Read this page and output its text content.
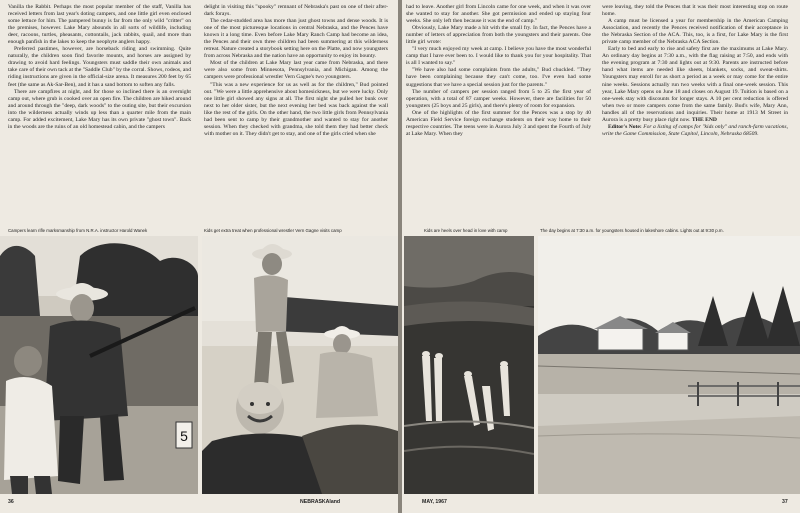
Vanilla the Rabbit. Perhaps the most popular member of the staff, Vanilla has received letters from last year's doting campers, and one little girl even enclosed some lettuce for him. The pampered bunny is far from the only wild "critter" on the premises, however. Lake Mary abounds in all sorts of wildlife, including deer, racoons, turtles, pheasants, cottontails, jack rabbits, quail, and more than enough panfish in the lakes to keep the neophyte anglers happy.

Preferred pastimes, however, are horseback riding and swimming. Quite naturally, the children soon find favorite mounts, and horses are assigned by drawing to avoid hard feelings. Youngsters must saddle their own animals and take care of their own tack at the "Saddle Club" by the corral. Shows, rodeos, and riding instructions are given in the official-size arena. It measures 200 feet by 65 feet (the same as Ak-Sar-Ben), and it has a sand bottom to soften any falls.

There are campfires at night, and for those so inclined there is an overnight camp out, where grub is cooked over an open fire. The children are hiked around and around through the "deep, dark woods" to the outing site, but their excursion into the wilderness actually winds up less than a quarter mile from the main camp. For added excitement, Lake Mary has its own private "ghost town". Back in the woods are the ruins of an old homestead cabin, and the campers

delight in visiting this "spooky" remnant of Nebraska's past on one of their after-dark forays.

The cedar-studded area has more than just ghost towns and dense woods. It is one of the most picturesque locations in central Nebraska, and the Pences have known it a long time. Even before Lake Mary Ranch Camp had become an idea, the Pences and their own three children had been summering at this wilderness retreat. Nature created a storybook setting here on the Platte, and now youngsters from across Nebraska and the nation have an opportunity to enjoy its bounty.

Most of the children at Lake Mary last year came from Nebraska, and there were also some from Minnesota, Pennsylvania, and Michigan. Among the campers were professional wrestler Vern Gagne's two youngsters.

"This was a new experience for us as well as for the children," Bud pointed out. "We were a little apprehensive about homesickness, but we were lucky. Only one little girl showed any signs at all. The first night she pulled her bunk over next to her older sister, but the next evening her bed was back against the wall like the rest of the girls. On the other hand, the two little girls from Pennsylvania had been sent to camp by their grandmother and wanted to stay for another session. When they checked with grandma, she told them they had better check with mother on it. They didn't get to stay, and one of the girls cried when she

Campers learn rifle marksmanship from N.R.A. instructor Harold Wanek	Kids get extra treat when professional wrestler Vern Gagne visits camp
5
36	NEBRASKAland

had to leave. Another girl from Lincoln came for one week, and when it was over she wanted to stay for another. She got permission and ended up staying four weeks. She only left then because it was the end of camp."

Obviously, Lake Mary made a hit with the small fry. In fact, the Pences have a number of letters of appreciation from both the youngsters and their parents. One little girl wrote:

"I very much enjoyed my week at camp. I believe you have the most wonderful camp that I have ever been to. I would like to thank you for your hospitality. That is all I wanted to say."

"We have also had some complaints from the adults," Bud chuckled. "They have been complaining because they can't come, too. I've even had some suggestions that we have a special session just for the parents."

The number of campers per session ranged from 5 to 25 the first year of operation, with a total of 87 camper weeks. However, there are facilities for 50 youngsters (25 boys and 25 girls), and there's plenty of room for expansion.

One of the highlights of the first summer for the Pences was a stop by 40 American Field Service foreign exchange students on their way home to their respective countries. The teens were in Aurora July 3 and spent the Fourth of July at Lake Mary. When they

were leaving, they told the Pences that it was their most interesting stop on route home.

A camp must be licensed a year for membership in the American Camping Association, and recently the Pences received notification of their acceptance in the Nebraska Section of the ACA. This, too, is a first, for Lake Mary is the first private camp member of the Nebraska ACA Section.

Early to bed and early to rise and safety first are the maximums at Lake Mary. An ordinary day begins at 7:30 a.m., with the flag raising at 7:50, and ends with the evening program at 7:30 and lights out at 9:30. Parents are instructed before hand what items are needed like sheets, blankets, socks, and sweat-shirts. Youngsters may enroll for as short a period as a week or may come for the entire nine weeks. Sessions actually run two weeks with a final one-week session. This year, Lake Mary opens on June 18 and closes on August 19. Tuition is based on a one-week stay with discounts for longer stays. A 10 per cent reduction is offered when two or more campers come from the same family. Bud's wife, Mary Ann, handles all of the reservations and inquiries. Their home at 1913 M Street in Aurora is a pretty busy place right now. THE END

Editor's Note: For a listing of camps for "kids only" and ranch-farm vacations, write the Game Commission, State Capitol, Lincoln, Nebraska 68509.

Kids are heels over head in love with camp	The day begins at 7:30 a.m. for youngsters housed in lakeshore cabins. Lights out at 9:30 p.m.
MAY, 1967	37
